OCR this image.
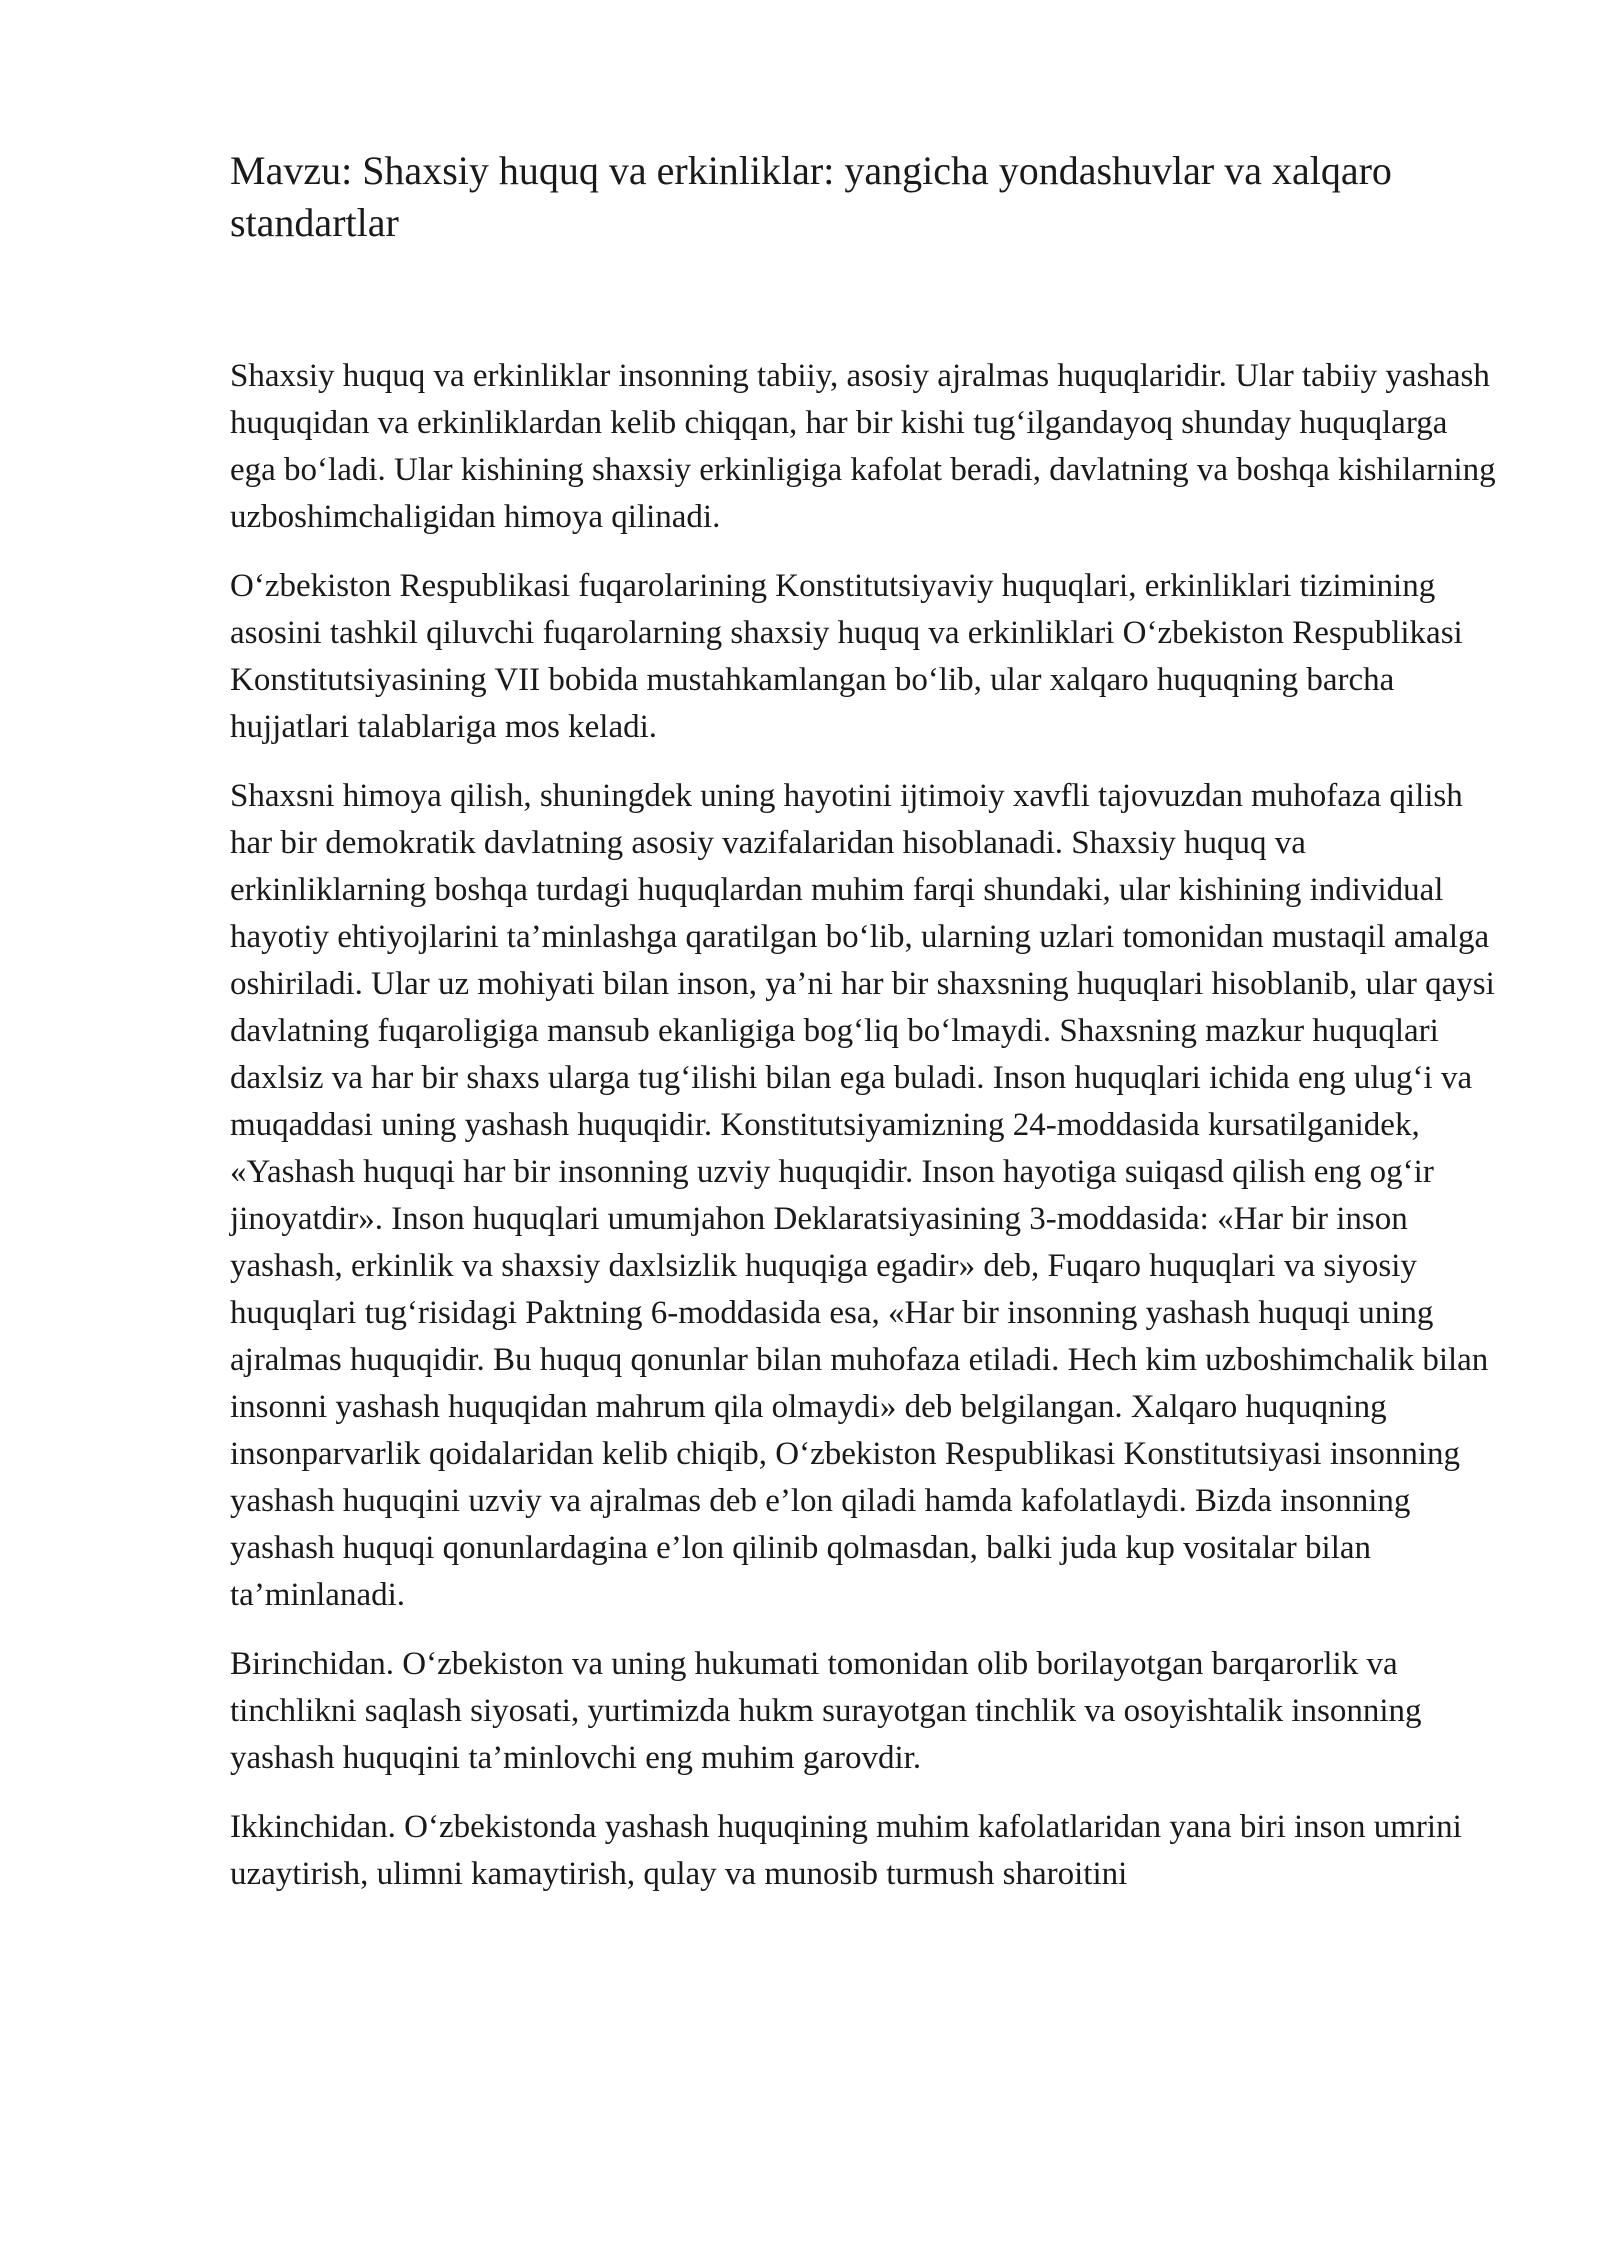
Mavzu: Shaxsiy huquq va erkinliklar: yangicha yondashuvlar va xalqaro standartlar

Shaxsiy huquq va erkinliklar insonning tabiiy, asosiy ajralmas huquqlaridir. Ular tabiiy yashash huquqidan va erkinliklardan kelib chiqqan, har bir kishi tug‘ilgandayoq shunday huquqlarga ega bo‘ladi. Ular kishining shaxsiy erkinligiga kafolat beradi, davlatning va boshqa kishilarning uzboshimchaligidan himoya qilinadi.

O‘zbekiston Respublikasi fuqarolarining Konstitutsiyaviy huquqlari, erkinliklari tizimining asosini tashkil qiluvchi fuqarolarning shaxsiy huquq va erkinliklari O‘zbekiston Respublikasi Konstitutsiyasining VII bobida mustahkamlangan bo‘lib, ular xalqaro huquqning barcha hujjatlari talablariga mos keladi.

Shaxsni himoya qilish, shuningdek uning hayotini ijtimoiy xavfli tajovuzdan muhofaza qilish har bir demokratik davlatning asosiy vazifalaridan hisoblanadi. Shaxsiy huquq va erkinliklarning boshqa turdagi huquqlardan muhim farqi shundaki, ular kishining individual hayotiy ehtiyojlarini ta’minlashga qaratilgan bo‘lib, ularning uzlari tomonidan mustaqil amalga oshiriladi. Ular uz mohiyati bilan inson, ya’ni har bir shaxsning huquqlari hisoblanib, ular qaysi davlatning fuqaroligiga mansub ekanligiga bog‘liq bo‘lmaydi. Shaxsning mazkur huquqlari daxlsiz va har bir shaxs ularga tug‘ilishi bilan ega buladi. Inson huquqlari ichida eng ulug‘i va muqaddasi uning yashash huquqidir. Konstitutsiyamizning 24-moddasida kursatilganidek, «Yashash huquqi har bir insonning uzviy huquqidir. Inson hayotiga suiqasd qilish eng og‘ir jinoyatdir». Inson huquqlari umumjahon Deklaratsiyasining 3-moddasida: «Har bir inson yashash, erkinlik va shaxsiy daxlsizlik huquqiga egadir» deb, Fuqaro huquqlari va siyosiy huquqlari tug‘risidagi Paktning 6-moddasida esa, «Har bir insonning yashash huquqi uning ajralmas huquqidir. Bu huquq qonunlar bilan muhofaza etiladi. Hech kim uzboshimchalik bilan insonni yashash huquqidan mahrum qila olmaydi» deb belgilangan. Xalqaro huquqning insonparvarlik qoidalaridan kelib chiqib, O‘zbekiston Respublikasi Konstitutsiyasi insonning yashash huquqini uzviy va ajralmas deb e’lon qiladi hamda kafolatlaydi. Bizda insonning yashash huquqi qonunlardagina e’lon qilinib qolmasdan, balki juda kup vositalar bilan ta’minlanadi.

Birinchidan. O‘zbekiston va uning hukumati tomonidan olib borilayotgan barqarorlik va tinchlikni saqlash siyosati, yurtimizda hukm surayotgan tinchlik va osoyishtalik insonning yashash huquqini ta’minlovchi eng muhim garovdir.

Ikkinchidan. O‘zbekistonda yashash huquqining muhim kafolatlaridan yana biri inson umrini uzaytirish, ulimni kamaytirish, qulay va munosib turmush sharoitini
